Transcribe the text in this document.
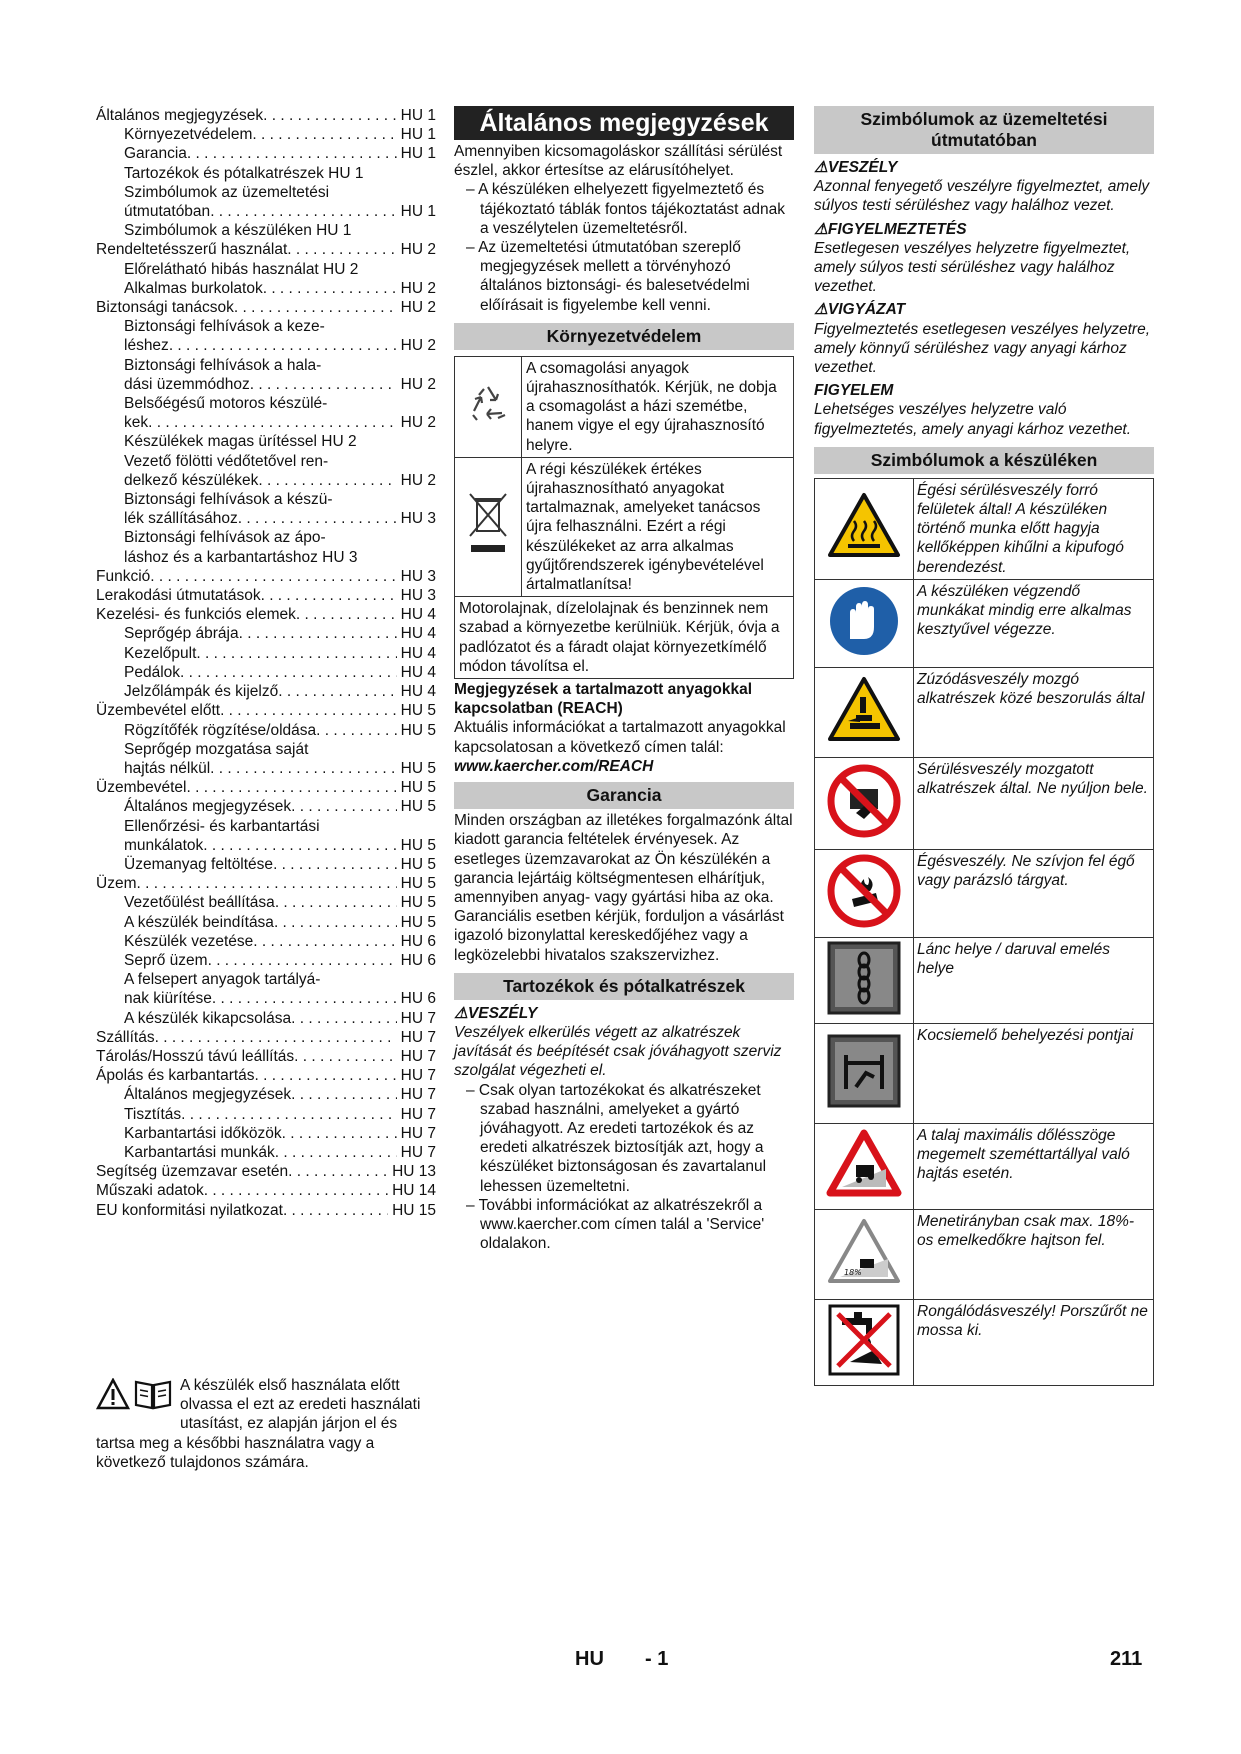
Általános megjegyzések . . .	HU 1
Környezetvédelem . . .	HU 1
Garancia . . .	HU 1
Tartozékok és pótalkatrészek HU 1
Szimbólumok az üzemeltetési
útmutatóban . . .	HU 1
Szimbólumok a készüléken HU 1
Rendeltetésszerű használat . . .	HU 2
Előrelátható hibás használat HU 2
Alkalmas burkolatok . . .	HU 2
Biztonsági tanácsok . . .	HU 2
Biztonsági felhívások a keze-
léshez . . .	HU 2
Biztonsági felhívások a hala-
dási üzemmódhoz . . .	HU 2
Belsőégésű motoros készülé-
kek . . .	HU 2
Készülékek magas ürítéssel HU 2
Vezető fölötti védőtetővel ren-
delkező készülékek . . .	HU 2
Biztonsági felhívások a készü-
lék szállításához . . .	HU 3
Biztonsági felhívások az ápo-
láshoz és a karbantartáshoz HU 3
Funkció . . .	HU 3
Lerakodási útmutatások . . .	HU 3
Kezelési- és funkciós elemek . . .	HU 4
Seprőgép ábrája . . .	HU 4
Kezelőpult . . .	HU 4
Pedálok . . .	HU 4
Jelzőlámpák és kijelző . . .	HU 4
Üzembevétel előtt . . .	HU 5
Rögzítőfék rögzítése/oldása . . .	HU 5
Seprőgép mozgatása saját
hajtás nélkül . . .	HU 5
Üzembevétel . . .	HU 5
Általános megjegyzések . . .	HU 5
Ellenőrzési- és karbantartási
munkálatok . . .	HU 5
Üzemanyag feltöltése . . .	HU 5
Üzem . . .	HU 5
Vezetőülést beállítása . . .	HU 5
A készülék beindítása . . .	HU 5
Készülék vezetése . . .	HU 6
Seprő üzem . . .	HU 6
A felsepert anyagok tartályá-
nak kiürítése . . .	HU 6
A készülék kikapcsolása . . .	HU 7
Szállítás . . .	HU 7
Tárolás/Hosszú távú leállítás . . .	HU 7
Ápolás és karbantartás . . .	HU 7
Általános megjegyzések . . .	HU 7
Tisztítás . . .	HU 7
Karbantartási időközök . . .	HU 7
Karbantartási munkák . . .	HU 7
Segítség üzemzavar esetén . . .	HU 13
Műszaki adatok . . .	HU 14
EU konformitási nyilatkozat . . .	HU 15
Általános megjegyzések

Amennyiben kicsomagoláskor szállítási sérülést észlel, akkor értesítse az elárusítóhelyet.

– A készüléken elhelyezett figyelmeztető és tájékoztató táblák fontos tájékoztatást adnak a veszélytelen üzemeltetésről.

– Az üzemeltetési útmutatóban szereplő megjegyzések mellett a törvényhozó általános biztonsági- és balesetvédelmi előírásait is figyelembe kell venni.

Környezetvédelem
	A csomagolási anyagok újrahasznosíthatók. Kérjük, ne dobja a csomagolást a házi szemétbe, hanem vigye el egy újrahasznosító helyre.
	A régi készülékek értékes újrahasznosítható anyagokat tartalmaznak, amelyeket tanácsos újra felhasználni. Ezért a régi készülékeket az arra alkalmas gyűjtőrendszerek igénybevételével ártalmatlanítsa!
Motorolajnak, dízelolajnak és benzinnek nem szabad a környezetbe kerülniük. Kérjük, óvja a padlózatot és a fáradt olajat környezetkímélő módon távolítsa el.	

Megjegyzések a tartalmazott anyagokkal kapcsolatban (REACH)

Aktuális információkat a tartalmazott anyagokkal kapcsolatosan a következő címen talál:

www.kaercher.com/REACH

Garancia

Minden országban az illetékes forgalmazónk által kiadott garancia feltételek érvényesek. Az esetleges üzemzavarokat az Ön készülékén a garancia lejártáig költségmentesen elhárítjuk, amennyiben anyag- vagy gyártási hiba az oka. Garanciális esetben kérjük, forduljon a vásárlást igazoló bizonylattal kereskedőjéhez vagy a legközelebbi hivatalos szakszervizhez.

Tartozékok és pótalkatrészek

⚠VESZÉLY

Veszélyek elkerülés végett az alkatrészek javítását és beépítését csak jóváhagyott szerviz szolgálat végezheti el.

– Csak olyan tartozékokat és alkatrészeket szabad használni, amelyeket a gyártó jóváhagyott. Az eredeti tartozékok és az eredeti alkatrészek biztosítják azt, hogy a készüléket biztonságosan és zavartalanul lehessen üzemeltetni.

– További információkat az alkatrészekről a www.kaercher.com címen talál a 'Service' oldalakon.

Szimbólumok az üzemeltetési útmutatóban

⚠VESZÉLY

Azonnal fenyegető veszélyre figyelmeztet, amely súlyos testi sérüléshez vagy halálhoz vezet.

⚠FIGYELMEZTETÉS

Esetlegesen veszélyes helyzetre figyelmeztet, amely súlyos testi sérüléshez vagy halálhoz vezethet.

⚠VIGYÁZAT

Figyelmeztetés esetlegesen veszélyes helyzetre, amely könnyű sérüléshez vagy anyagi kárhoz vezethet.

FIGYELEM

Lehetséges veszélyes helyzetre való figyelmeztetés, amely anyagi kárhoz vezethet.

Szimbólumok a készüléken
	Égési sérülésveszély forró felületek által! A készüléken történő munka előtt hagyja kellőképpen kihűlni a kipufogó berendezést.
	A készüléken végzendő munkákat mindig erre alkalmas kesztyűvel végezze.
	Zúzódásveszély mozgó alkatrészek közé beszorulás által
	Sérülésveszély mozgatott alkatrészek által. Ne nyúljon bele.
	Égésveszély. Ne szívjon fel égő vagy parázsló tárgyat.
	Lánc helye / daruval emelés helye
	Kocsiemelő behelyezési pontjai
	A talaj maximális dőlésszöge megemelt szeméttartállyal való hajtás esetén.

18%	Menetirányban csak max. 18%-os emelkedőkre hajtson fel.
	Rongálódásveszély! Porszűrőt ne mossa ki.
A készülék első használata előtt olvassa el ezt az eredeti használati utasítást, ez alapján járjon el és tartsa meg a későbbi használatra vagy a következő tulajdonos számára.
HU - 1	211
